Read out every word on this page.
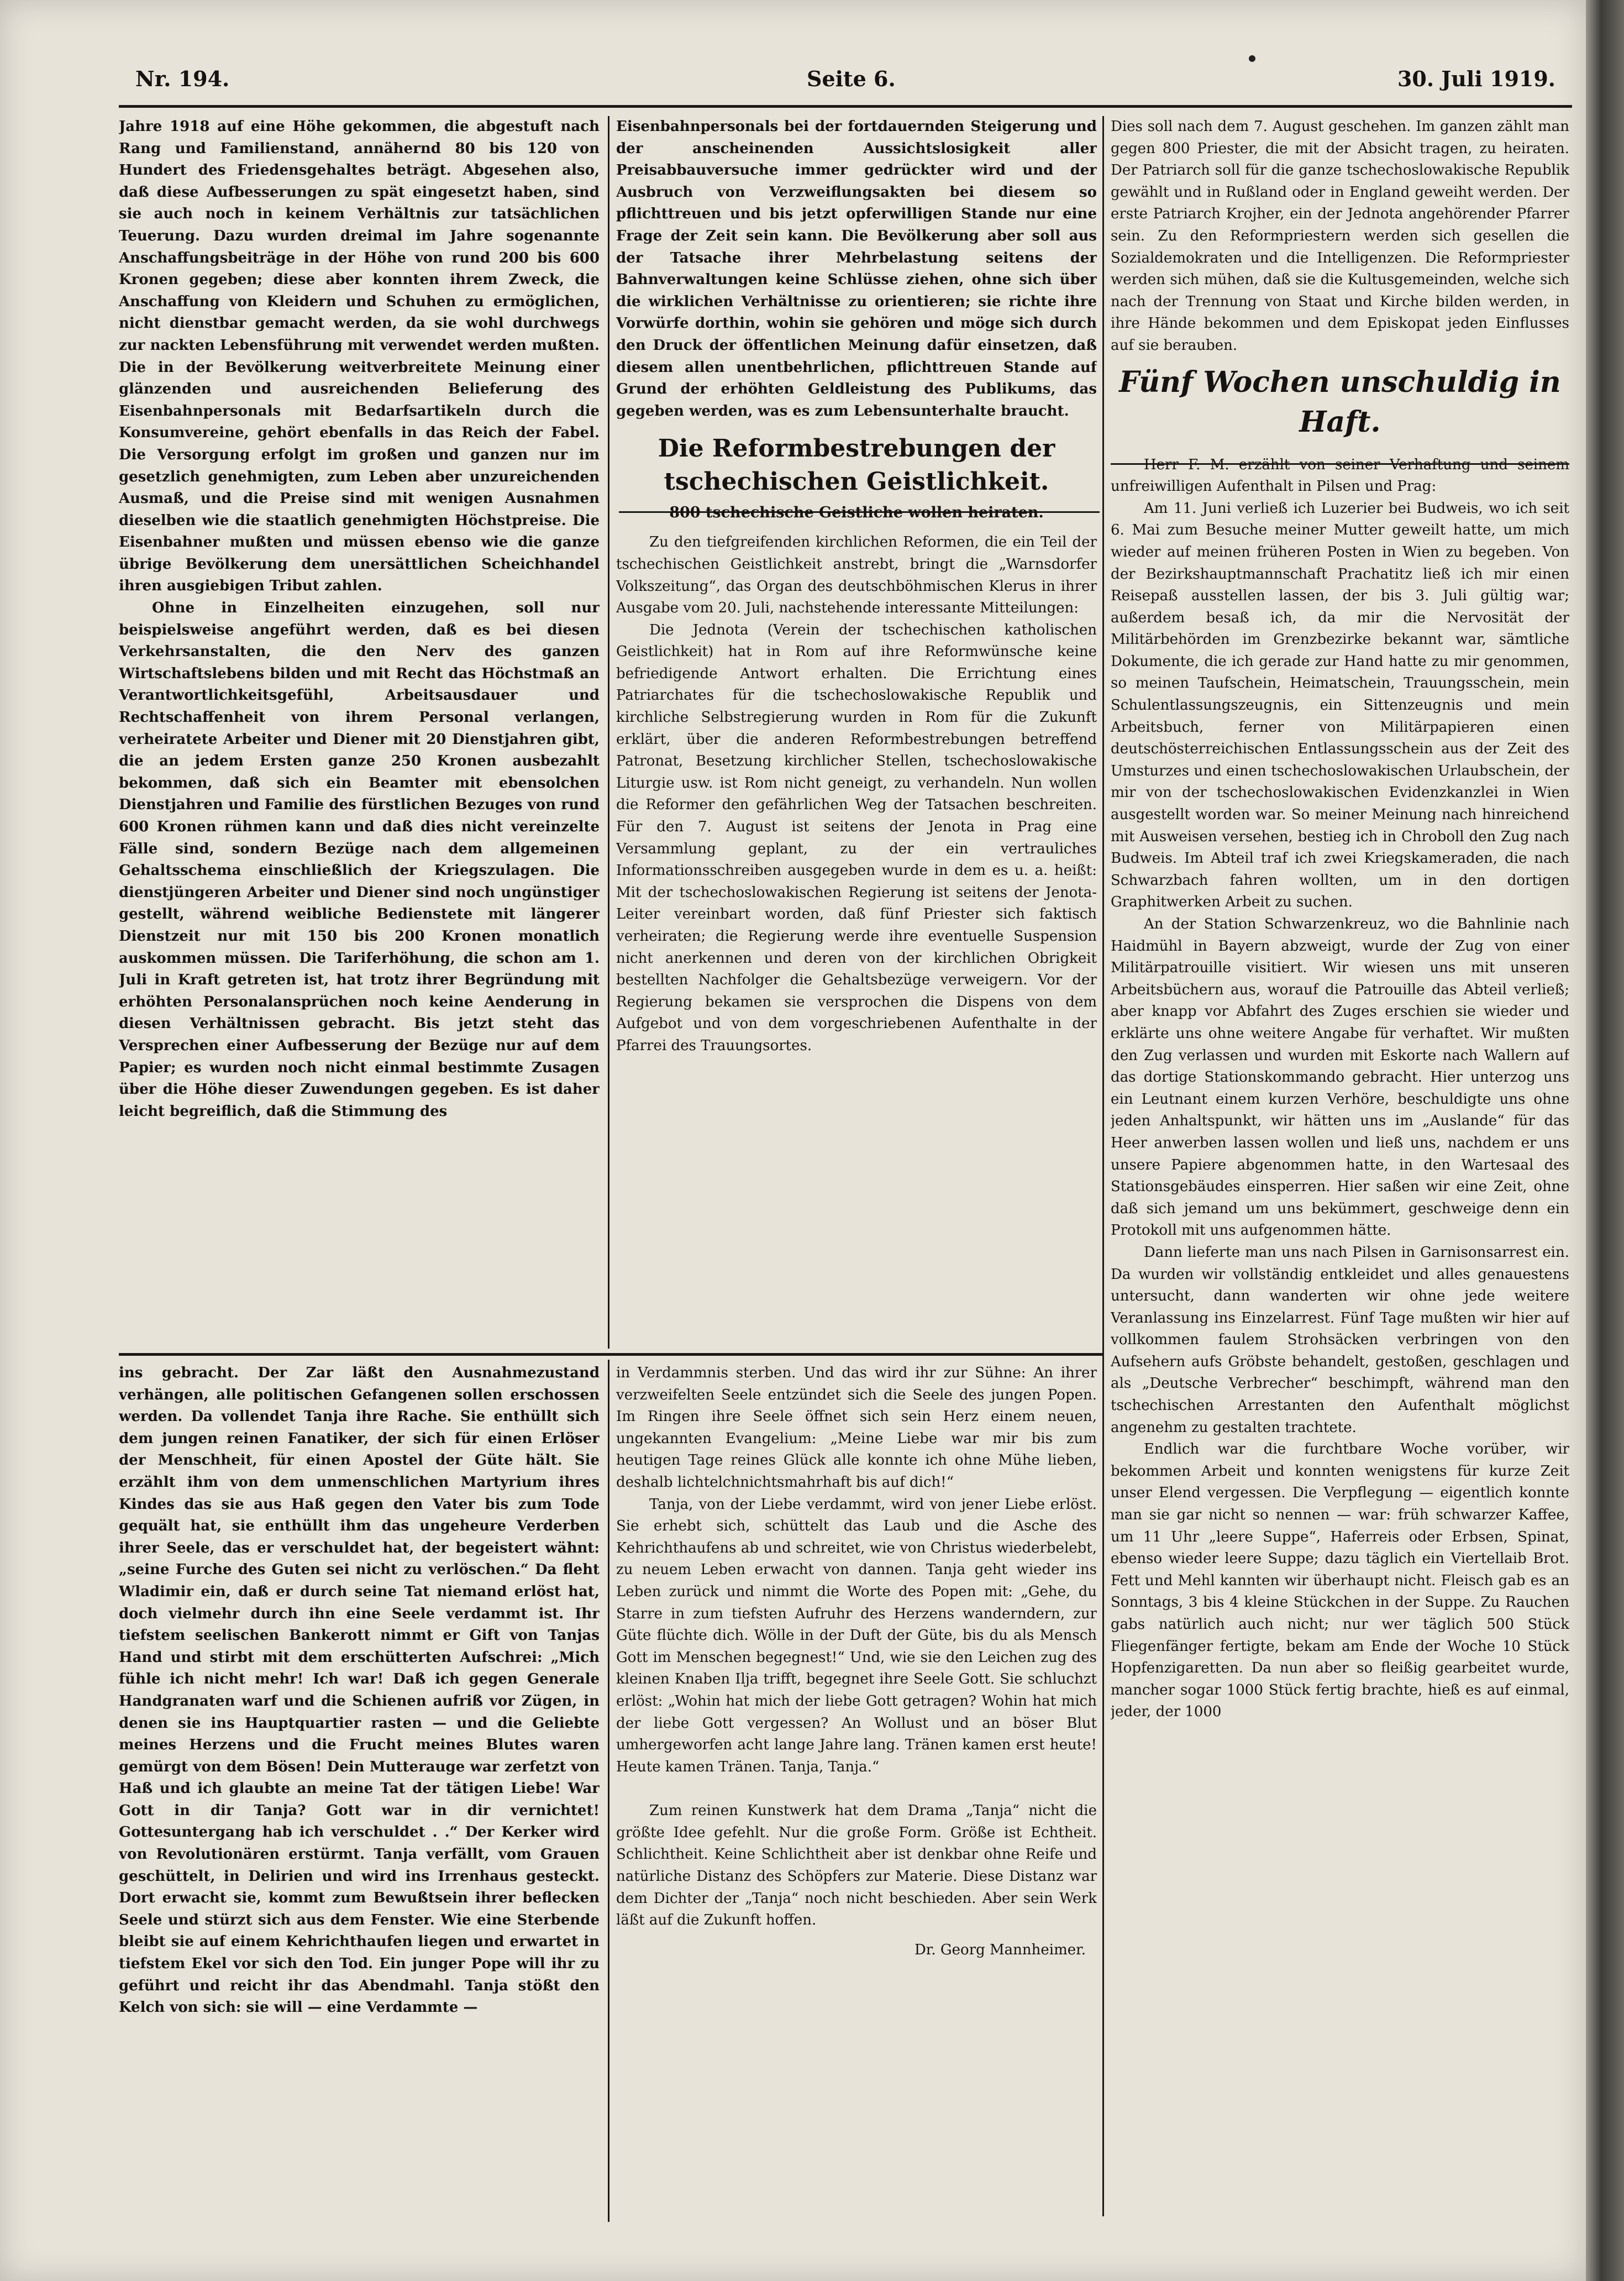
Nr. 194.	Seite 6.	30. Juli 1919.

Jahre 1918 auf eine Höhe gekommen, die abgestuft nach Rang und Familienstand, annähernd 80 bis 120 von Hundert des Friedensgehaltes beträgt. Abgesehen also, daß diese Aufbesserungen zu spät eingesetzt haben, sind sie auch noch in keinem Verhältnis zur tatsächlichen Teuerung. Dazu wurden dreimal im Jahre sogenannte Anschaffungsbeiträge in der Höhe von rund 200 bis 600 Kronen gegeben; diese aber konnten ihrem Zweck, die Anschaffung von Kleidern und Schuhen zu ermöglichen, nicht dienstbar gemacht werden, da sie wohl durchwegs zur nackten Lebensführung mit verwendet werden mußten. Die in der Bevölkerung weitverbreitete Meinung einer glänzenden und ausreichenden Belieferung des Eisenbahnpersonals mit Bedarfsartikeln durch die Konsumvereine, gehört ebenfalls in das Reich der Fabel. Die Versorgung erfolgt im großen und ganzen nur im gesetzlich genehmigten, zum Leben aber unzureichenden Ausmaß, und die Preise sind mit wenigen Ausnahmen dieselben wie die staatlich genehmigten Höchstpreise. Die Eisenbahner mußten und müssen ebenso wie die ganze übrige Bevölkerung dem unersättlichen Scheichhandel ihren ausgiebigen Tribut zahlen.

Ohne in Einzelheiten einzugehen, soll nur beispielsweise angeführt werden, daß es bei diesen Verkehrsanstalten, die den Nerv des ganzen Wirtschaftslebens bilden und mit Recht das Höchstmaß an Verantwortlichkeitsgefühl, Arbeitsausdauer und Rechtschaffenheit von ihrem Personal verlangen, verheiratete Arbeiter und Diener mit 20 Dienstjahren gibt, die an jedem Ersten ganze 250 Kronen ausbezahlt bekommen, daß sich ein Beamter mit ebensolchen Dienstjahren und Familie des fürstlichen Bezuges von rund 600 Kronen rühmen kann und daß dies nicht vereinzelte Fälle sind, sondern Bezüge nach dem allgemeinen Gehaltsschema einschließlich der Kriegszulagen. Die dienstjüngeren Arbeiter und Diener sind noch ungünstiger gestellt, während weibliche Bedienstete mit längerer Dienstzeit nur mit 150 bis 200 Kronen monatlich auskommen müssen. Die Tariferhöhung, die schon am 1. Juli in Kraft getreten ist, hat trotz ihrer Begründung mit erhöhten Personalansprüchen noch keine Aenderung in diesen Verhältnissen gebracht. Bis jetzt steht das Versprechen einer Aufbesserung der Bezüge nur auf dem Papier; es wurden noch nicht einmal bestimmte Zusagen über die Höhe dieser Zuwendungen gegeben. Es ist daher leicht begreiflich, daß die Stimmung des

Eisenbahnpersonals bei der fortdauernden Steigerung und der anscheinenden Aussichtslosigkeit aller Preisabbauversuche immer gedrückter wird und der Ausbruch von Verzweiflungsakten bei diesem so pflichttreuen und bis jetzt opferwilligen Stande nur eine Frage der Zeit sein kann. Die Bevölkerung aber soll aus der Tatsache ihrer Mehrbelastung seitens der Bahnverwaltungen keine Schlüsse ziehen, ohne sich über die wirklichen Verhältnisse zu orientieren; sie richte ihre Vorwürfe dorthin, wohin sie gehören und möge sich durch den Druck der öffentlichen Meinung dafür einsetzen, daß diesem allen unentbehrlichen, pflichttreuen Stande auf Grund der erhöhten Geldleistung des Publikums, das gegeben werden, was es zum Lebensunterhalte braucht.

Die Reformbestrebungen der tschechischen Geistlichkeit.
800 tschechische Geistliche wollen heiraten.

Zu den tiefgreifenden kirchlichen Reformen, die ein Teil der tschechischen Geistlichkeit anstrebt, bringt die „Warnsdorfer Volkszeitung“, das Organ des deutschböhmischen Klerus in ihrer Ausgabe vom 20. Juli, nachstehende interessante Mitteilungen:

Die Jednota (Verein der tschechischen katholischen Geistlichkeit) hat in Rom auf ihre Reformwünsche keine befriedigende Antwort erhalten. Die Errichtung eines Patriarchates für die tschechoslowakische Republik und kirchliche Selbstregierung wurden in Rom für die Zukunft erklärt, über die anderen Reformbestrebungen betreffend Patronat, Besetzung kirchlicher Stellen, tschechoslowakische Liturgie usw. ist Rom nicht geneigt, zu verhandeln. Nun wollen die Reformer den gefährlichen Weg der Tatsachen beschreiten. Für den 7. August ist seitens der Jenota in Prag eine Versammlung geplant, zu der ein vertrauliches Informationsschreiben ausgegeben wurde in dem es u. a. heißt: Mit der tschechoslowakischen Regierung ist seitens der Jenota-Leiter vereinbart worden, daß fünf Priester sich faktisch verheiraten; die Regierung werde ihre eventuelle Suspension nicht anerkennen und deren von der kirchlichen Obrigkeit bestellten Nachfolger die Gehaltsbezüge verweigern. Vor der Regierung bekamen sie versprochen die Dispens von dem Aufgebot und von dem vorgeschriebenen Aufenthalte in der Pfarrei des Trauungsortes.

Dies soll nach dem 7. August geschehen. Im ganzen zählt man gegen 800 Priester, die mit der Absicht tragen, zu heiraten. Der Patriarch soll für die ganze tschechoslowakische Republik gewählt und in Rußland oder in England geweiht werden. Der erste Patriarch Krojher, ein der Jednota angehörender Pfarrer sein. Zu den Reformpriestern werden sich gesellen die Sozialdemokraten und die Intelligenzen. Die Reformpriester werden sich mühen, daß sie die Kultusgemeinden, welche sich nach der Trennung von Staat und Kirche bilden werden, in ihre Hände bekommen und dem Episkopat jeden Einflusses auf sie berauben.

Fünf Wochen unschuldig in Haft.

Herr F. M. erzählt von seiner Verhaftung und seinem unfreiwilligen Aufenthalt in Pilsen und Prag:

Am 11. Juni verließ ich Luzerier bei Budweis, wo ich seit 6. Mai zum Besuche meiner Mutter geweilt hatte, um mich wieder auf meinen früheren Posten in Wien zu begeben. Von der Bezirkshauptmannschaft Prachatitz ließ ich mir einen Reisepaß ausstellen lassen, der bis 3. Juli gültig war; außerdem besaß ich, da mir die Nervosität der Militärbehörden im Grenzbezirke bekannt war, sämtliche Dokumente, die ich gerade zur Hand hatte zu mir genommen, so meinen Taufschein, Heimatschein, Trauungsschein, mein Schulentlassungszeugnis, ein Sittenzeugnis und mein Arbeitsbuch, ferner von Militärpapieren einen deutschösterreichischen Entlassungsschein aus der Zeit des Umsturzes und einen tschechoslowakischen Urlaubschein, der mir von der tschechoslowakischen Evidenzkanzlei in Wien ausgestellt worden war. So meiner Meinung nach hinreichend mit Ausweisen versehen, bestieg ich in Chroboll den Zug nach Budweis. Im Abteil traf ich zwei Kriegskameraden, die nach Schwarzbach fahren wollten, um in den dortigen Graphitwerken Arbeit zu suchen.

An der Station Schwarzenkreuz, wo die Bahnlinie nach Haidmühl in Bayern abzweigt, wurde der Zug von einer Militärpatrouille visitiert. Wir wiesen uns mit unseren Arbeitsbüchern aus, worauf die Patrouille das Abteil verließ; aber knapp vor Abfahrt des Zuges erschien sie wieder und erklärte uns ohne weitere Angabe für verhaftet. Wir mußten den Zug verlassen und wurden mit Eskorte nach Wallern auf das dortige Stationskommando gebracht. Hier unterzog uns ein Leutnant einem kurzen Verhöre, beschuldigte uns ohne jeden Anhaltspunkt, wir hätten uns im „Auslande“ für das Heer anwerben lassen wollen und ließ uns, nachdem er uns unsere Papiere abgenommen hatte, in den Wartesaal des Stationsgebäudes einsperren. Hier saßen wir eine Zeit, ohne daß sich jemand um uns bekümmert, geschweige denn ein Protokoll mit uns aufgenommen hätte.

Dann lieferte man uns nach Pilsen in Garnisonsarrest ein. Da wurden wir vollständig entkleidet und alles genauestens untersucht, dann wanderten wir ohne jede weitere Veranlassung ins Einzelarrest. Fünf Tage mußten wir hier auf vollkommen faulem Strohsäcken verbringen von den Aufsehern aufs Gröbste behandelt, gestoßen, geschlagen und als „Deutsche Verbrecher“ beschimpft, während man den tschechischen Arrestanten den Aufenthalt möglichst angenehm zu gestalten trachtete.

Endlich war die furchtbare Woche vorüber, wir bekommen Arbeit und konnten wenigstens für kurze Zeit unser Elend vergessen. Die Verpflegung — eigentlich konnte man sie gar nicht so nennen — war: früh schwarzer Kaffee, um 11 Uhr „leere Suppe“, Haferreis oder Erbsen, Spinat, ebenso wieder leere Suppe; dazu täglich ein Viertellaib Brot. Fett und Mehl kannten wir überhaupt nicht. Fleisch gab es an Sonntags, 3 bis 4 kleine Stückchen in der Suppe. Zu Rauchen gabs natürlich auch nicht; nur wer täglich 500 Stück Fliegenfänger fertigte, bekam am Ende der Woche 10 Stück Hopfenzigaretten. Da nun aber so fleißig gearbeitet wurde, mancher sogar 1000 Stück fertig brachte, hieß es auf einmal, jeder, der 1000

ins gebracht. Der Zar läßt den Ausnahmezustand verhängen, alle politischen Gefangenen sollen erschossen werden. Da vollendet Tanja ihre Rache. Sie enthüllt sich dem jungen reinen Fanatiker, der sich für einen Erlöser der Menschheit, für einen Apostel der Güte hält. Sie erzählt ihm von dem unmenschlichen Martyrium ihres Kindes das sie aus Haß gegen den Vater bis zum Tode gequält hat, sie enthüllt ihm das ungeheure Verderben ihrer Seele, das er verschuldet hat, der begeistert wähnt: „seine Furche des Guten sei nicht zu verlöschen.“ Da fleht Wladimir ein, daß er durch seine Tat niemand erlöst hat, doch vielmehr durch ihn eine Seele verdammt ist. Ihr tiefstem seelischen Bankerott nimmt er Gift von Tanjas Hand und stirbt mit dem erschütterten Aufschrei: „Mich fühle ich nicht mehr! Ich war! Daß ich gegen Generale Handgranaten warf und die Schienen aufriß vor Zügen, in denen sie ins Hauptquartier rasten — und die Geliebte meines Herzens und die Frucht meines Blutes waren gemürgt von dem Bösen! Dein Mutterauge war zerfetzt von Haß und ich glaubte an meine Tat der tätigen Liebe! War Gott in dir Tanja? Gott war in dir vernichtet! Gottesuntergang hab ich verschuldet . .“ Der Kerker wird von Revolutionären erstürmt. Tanja verfällt, vom Grauen geschüttelt, in Delirien und wird ins Irrenhaus gesteckt. Dort erwacht sie, kommt zum Bewußtsein ihrer beflecken Seele und stürzt sich aus dem Fenster. Wie eine Sterbende bleibt sie auf einem Kehrichthaufen liegen und erwartet in tiefstem Ekel vor sich den Tod. Ein junger Pope will ihr zu geführt und reicht ihr das Abendmahl. Tanja stößt den Kelch von sich: sie will — eine Verdammte —

in Verdammnis sterben. Und das wird ihr zur Sühne: An ihrer verzweifelten Seele entzündet sich die Seele des jungen Popen. Im Ringen ihre Seele öffnet sich sein Herz einem neuen, ungekannten Evangelium: „Meine Liebe war mir bis zum heutigen Tage reines Glück alle konnte ich ohne Mühe lieben, deshalb lichtelchnichtsmahrhaft bis auf dich!“

Tanja, von der Liebe verdammt, wird von jener Liebe erlöst. Sie erhebt sich, schüttelt das Laub und die Asche des Kehrichthaufens ab und schreitet, wie von Christus wiederbelebt, zu neuem Leben erwacht von dannen. Tanja geht wieder ins Leben zurück und nimmt die Worte des Popen mit: „Gehe, du Starre in zum tiefsten Aufruhr des Herzens wanderndern, zur Güte flüchte dich. Wölle in der Duft der Güte, bis du als Mensch Gott im Menschen begegnest!“ Und, wie sie den Leichen zug des kleinen Knaben Ilja trifft, begegnet ihre Seele Gott. Sie schluchzt erlöst: „Wohin hat mich der liebe Gott getragen? Wohin hat mich der liebe Gott vergessen? An Wollust und an böser Blut umhergeworfen acht lange Jahre lang. Tränen kamen erst heute! Heute kamen Tränen. Tanja, Tanja.“

Zum reinen Kunstwerk hat dem Drama „Tanja“ nicht die größte Idee gefehlt. Nur die große Form. Größe ist Echtheit. Schlichtheit. Keine Schlichtheit aber ist denkbar ohne Reife und natürliche Distanz des Schöpfers zur Materie. Diese Distanz war dem Dichter der „Tanja“ noch nicht beschieden. Aber sein Werk läßt auf die Zukunft hoffen.

Dr. Georg Mannheimer.
